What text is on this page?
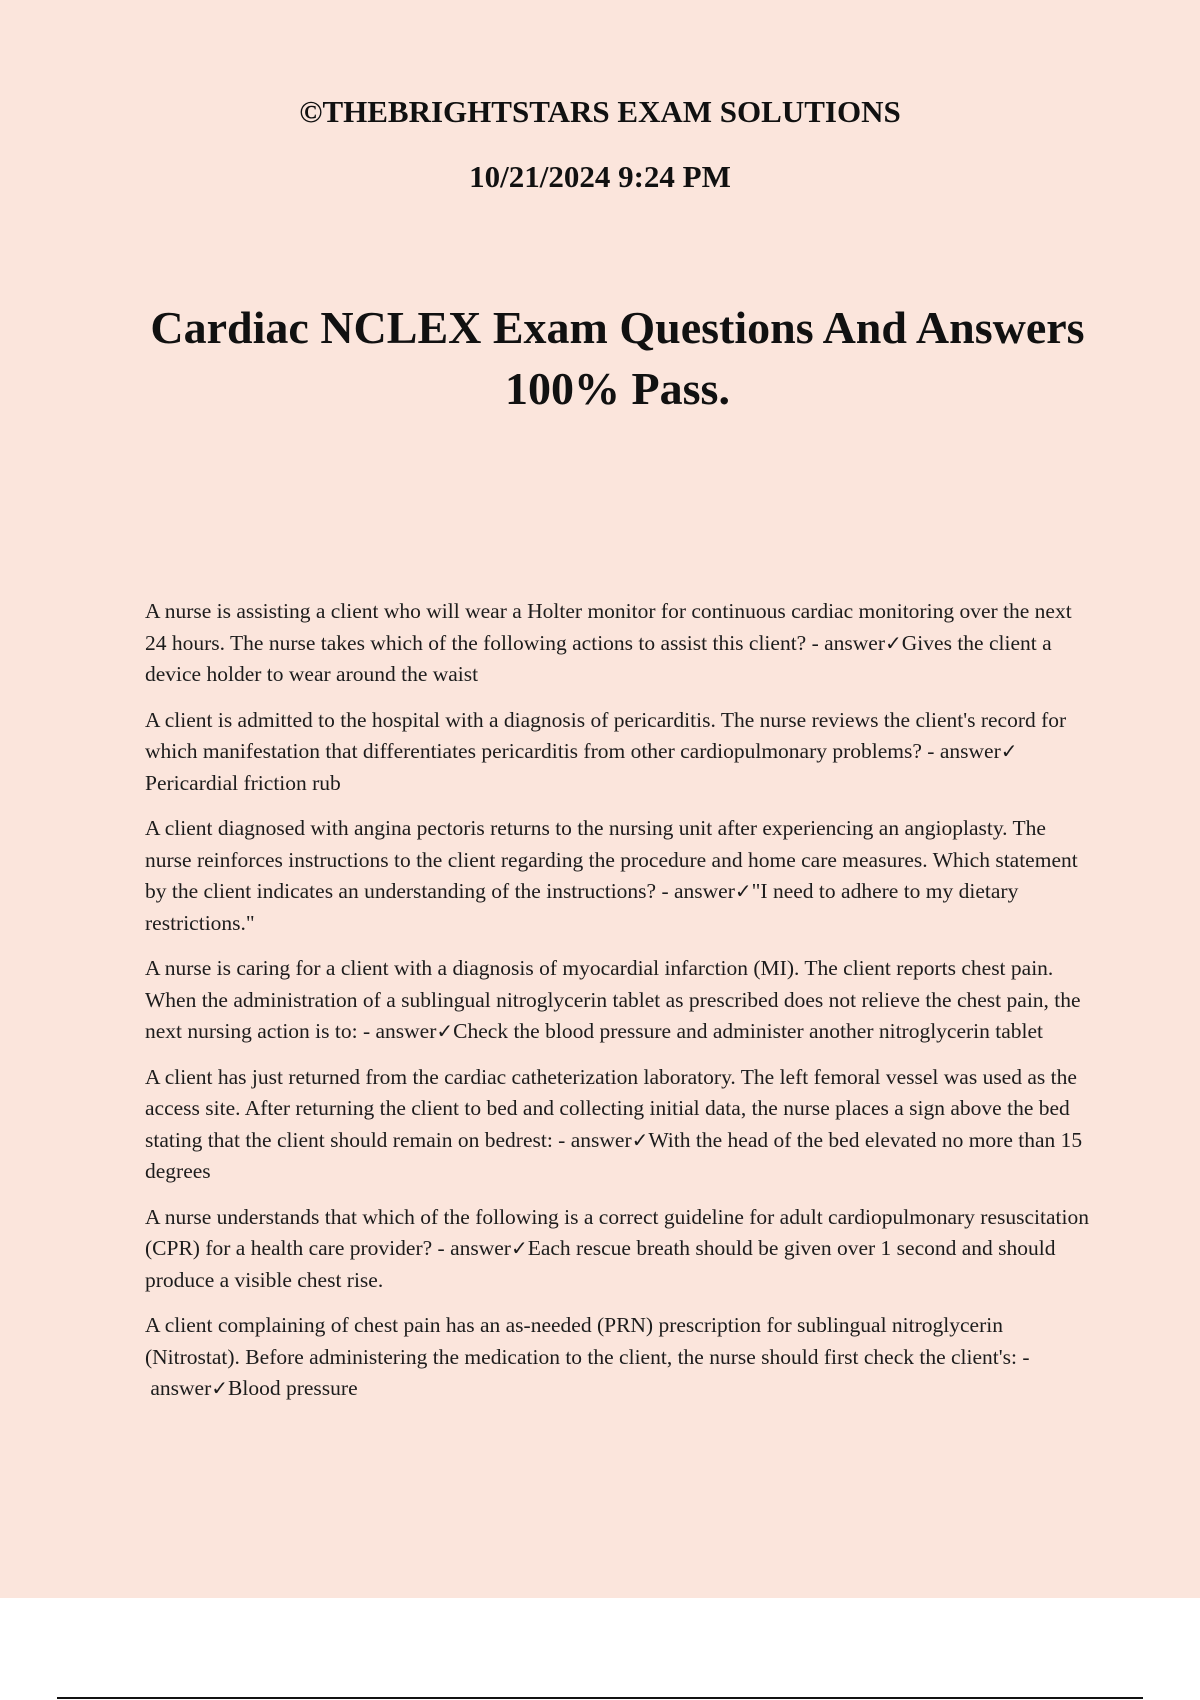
©THEBRIGHTSTARS EXAM SOLUTIONS
10/21/2024 9:24 PM
Cardiac NCLEX Exam Questions And Answers 100% Pass.

A nurse is assisting a client who will wear a Holter monitor for continuous cardiac monitoring over the next 24 hours. The nurse takes which of the following actions to assist this client? - answer✓Gives the client a device holder to wear around the waist

A client is admitted to the hospital with a diagnosis of pericarditis. The nurse reviews the client's record for which manifestation that differentiates pericarditis from other cardiopulmonary problems? - answer✓Pericardial friction rub

A client diagnosed with angina pectoris returns to the nursing unit after experiencing an angioplasty. The nurse reinforces instructions to the client regarding the procedure and home care measures. Which statement by the client indicates an understanding of the instructions? - answer✓"I need to adhere to my dietary restrictions."

A nurse is caring for a client with a diagnosis of myocardial infarction (MI). The client reports chest pain. When the administration of a sublingual nitroglycerin tablet as prescribed does not relieve the chest pain, the next nursing action is to: - answer✓Check the blood pressure and administer another nitroglycerin tablet

A client has just returned from the cardiac catheterization laboratory. The left femoral vessel was used as the access site. After returning the client to bed and collecting initial data, the nurse places a sign above the bed stating that the client should remain on bedrest: - answer✓With the head of the bed elevated no more than 15 degrees

A nurse understands that which of the following is a correct guideline for adult cardiopulmonary resuscitation (CPR) for a health care provider? - answer✓Each rescue breath should be given over 1 second and should produce a visible chest rise.

A client complaining of chest pain has an as-needed (PRN) prescription for sublingual nitroglycerin (Nitrostat). Before administering the medication to the client, the nurse should first check the client's: - answer✓Blood pressure
